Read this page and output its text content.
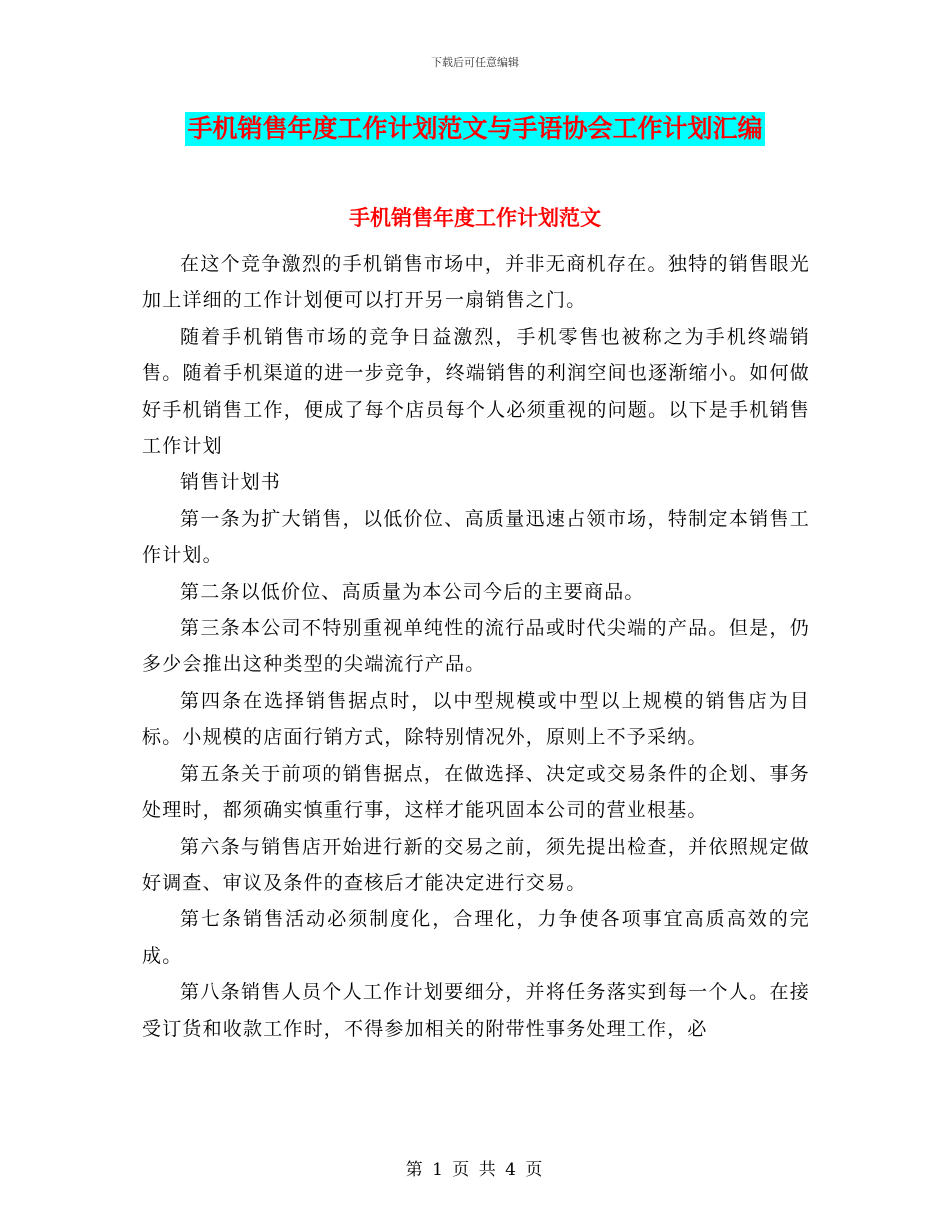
下载后可任意编辑
手机销售年度工作计划范文与手语协会工作计划汇编
手机销售年度工作计划范文

在这个竞争激烈的手机销售市场中，并非无商机存在。独特的销售眼光加上详细的工作计划便可以打开另一扇销售之门。

随着手机销售市场的竞争日益激烈，手机零售也被称之为手机终端销售。随着手机渠道的进一步竞争，终端销售的利润空间也逐渐缩小。如何做好手机销售工作，便成了每个店员每个人必须重视的问题。以下是手机销售工作计划

销售计划书

第一条为扩大销售，以低价位、高质量迅速占领市场，特制定本销售工作计划。

第二条以低价位、高质量为本公司今后的主要商品。

第三条本公司不特别重视单纯性的流行品或时代尖端的产品。但是，仍多少会推出这种类型的尖端流行产品。

第四条在选择销售据点时，以中型规模或中型以上规模的销售店为目标。小规模的店面行销方式，除特别情况外，原则上不予采纳。

第五条关于前项的销售据点，在做选择、决定或交易条件的企划、事务处理时，都须确实慎重行事，这样才能巩固本公司的营业根基。

第六条与销售店开始进行新的交易之前，须先提出检查，并依照规定做好调查、审议及条件的查核后才能决定进行交易。

第七条销售活动必须制度化，合理化，力争使各项事宜高质高效的完成。

第八条销售人员个人工作计划要细分，并将任务落实到每一个人。在接受订货和收款工作时，不得参加相关的附带性事务处理工作，必

第 1 页 共 4 页
